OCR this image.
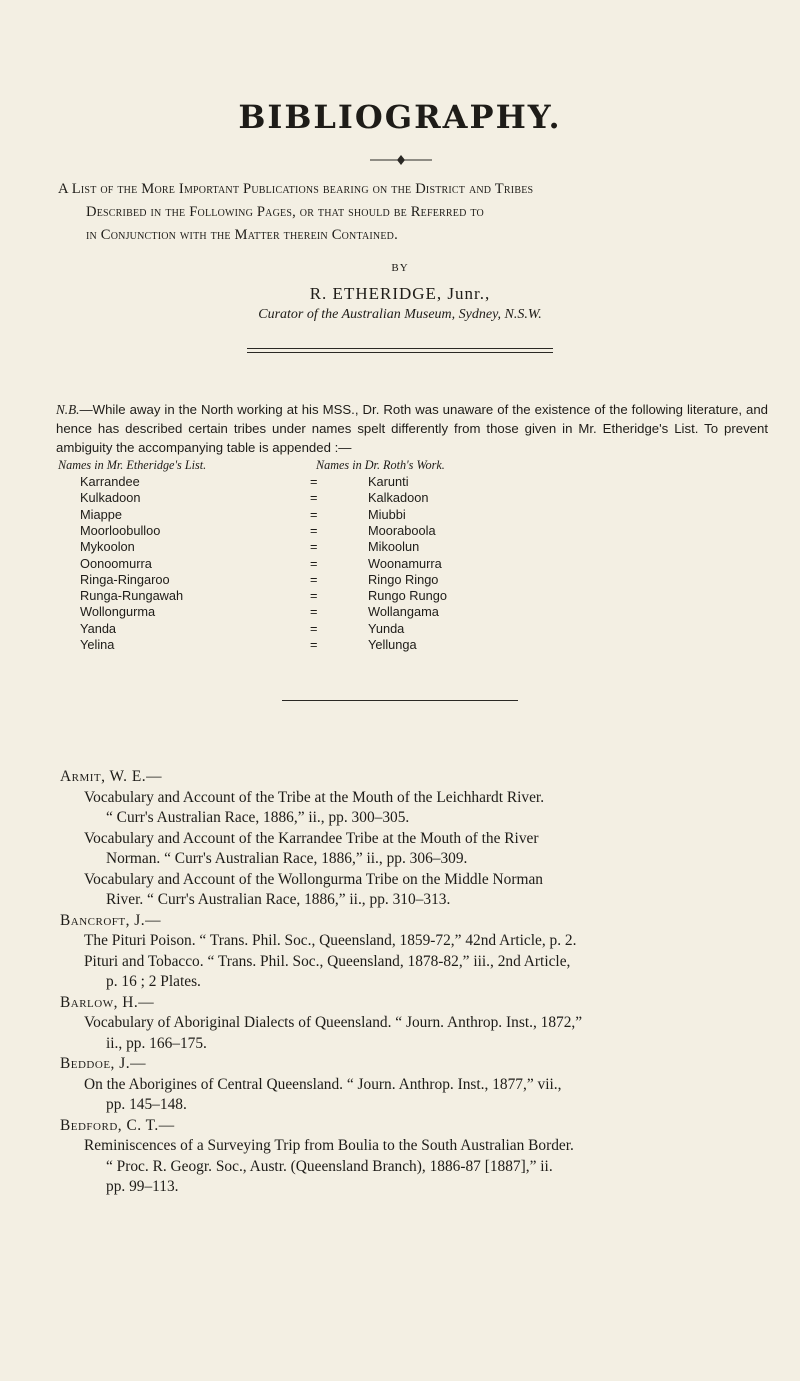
BIBLIOGRAPHY.
A List of the More Important Publications bearing on the District and Tribes
Described in the Following Pages, or that should be Referred to
in Conjunction with the Matter therein Contained.
BY
R. ETHERIDGE, Junr.,
Curator of the Australian Museum, Sydney, N.S.W.
N.B.—While away in the North working at his MSS., Dr. Roth was unaware of the existence of the following literature, and hence has described certain tribes under names spelt differently from those given in Mr. Etheridge's List. To prevent ambiguity the accompanying table is appended :—
Names in Mr. Etheridge's List.	Names in Dr. Roth's Work.
Karrandee	=	Karunti
Kulkadoon	=	Kalkadoon
Miappe	=	Miubbi
Moorloobulloo	=	Mooraboola
Mykoolon	=	Mikoolun
Oonoomurra	=	Woonamurra
Ringa-Ringaroo	=	Ringo Ringo
Runga-Rungawah	=	Rungo Rungo
Wollongurma	=	Wollangama
Yanda	=	Yunda
Yelina	=	Yellunga
Armit, W. E.—
Vocabulary and Account of the Tribe at the Mouth of the Leichhardt River.
“ Curr's Australian Race, 1886,” ii., pp. 300–305.
Vocabulary and Account of the Karrandee Tribe at the Mouth of the River
Norman. “ Curr's Australian Race, 1886,” ii., pp. 306–309.
Vocabulary and Account of the Wollongurma Tribe on the Middle Norman
River. “ Curr's Australian Race, 1886,” ii., pp. 310–313.
Bancroft, J.—
The Pituri Poison. “ Trans. Phil. Soc., Queensland, 1859-72,” 42nd Article, p. 2.
Pituri and Tobacco. “ Trans. Phil. Soc., Queensland, 1878-82,” iii., 2nd Article,
p. 16 ; 2 Plates.
Barlow, H.—
Vocabulary of Aboriginal Dialects of Queensland. “ Journ. Anthrop. Inst., 1872,”
ii., pp. 166–175.
Beddoe, J.—
On the Aborigines of Central Queensland. “ Journ. Anthrop. Inst., 1877,” vii.,
pp. 145–148.
Bedford, C. T.—
Reminiscences of a Surveying Trip from Boulia to the South Australian Border.
“ Proc. R. Geogr. Soc., Austr. (Queensland Branch), 1886-87 [1887],” ii.
pp. 99–113.
